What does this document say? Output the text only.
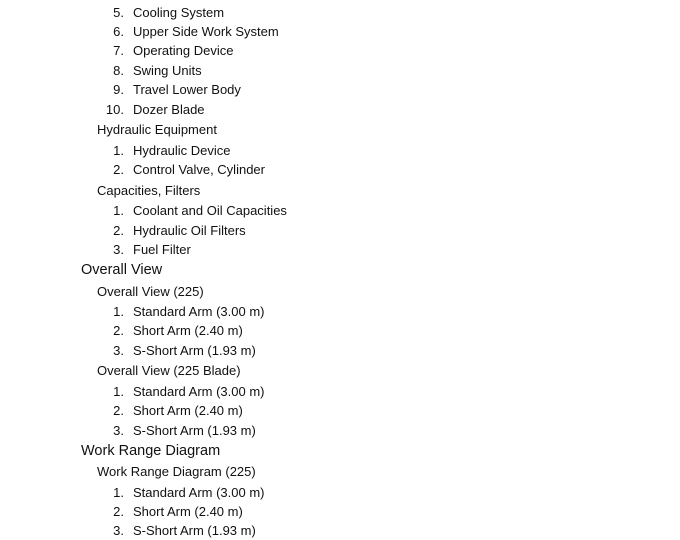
5. Cooling System
6. Upper Side Work System
7. Operating Device
8. Swing Units
9. Travel Lower Body
10. Dozer Blade
Hydraulic Equipment
1. Hydraulic Device
2. Control Valve, Cylinder
Capacities, Filters
1. Coolant and Oil Capacities
2. Hydraulic Oil Filters
3. Fuel Filter
Overall View
Overall View (225)
1. Standard Arm (3.00 m)
2. Short Arm (2.40 m)
3. S-Short Arm (1.93 m)
Overall View (225 Blade)
1. Standard Arm (3.00 m)
2. Short Arm (2.40 m)
3. S-Short Arm (1.93 m)
Work Range Diagram
Work Range Diagram (225)
1. Standard Arm (3.00 m)
2. Short Arm (2.40 m)
3. S-Short Arm (1.93 m)
